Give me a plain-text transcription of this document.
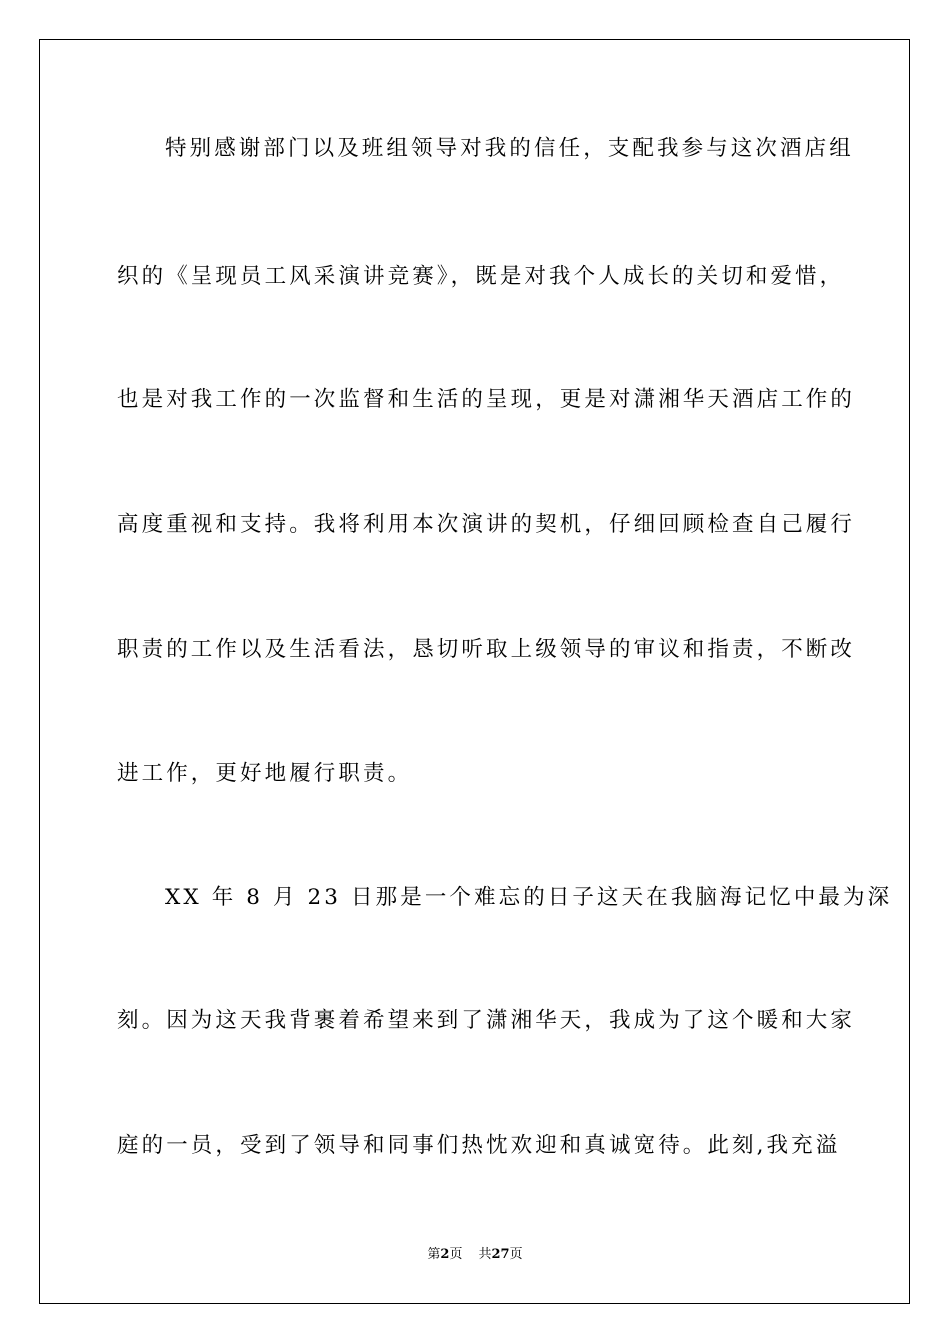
特别感谢部门以及班组领导对我的信任，支配我参与这次酒店组
织的《呈现员工风采演讲竞赛》，既是对我个人成长的关切和爱惜，
也是对我工作的一次监督和生活的呈现，更是对潇湘华天酒店工作的
高度重视和支持。我将利用本次演讲的契机，仔细回顾检查自己履行
职责的工作以及生活看法，恳切听取上级领导的审议和指责，不断改
进工作，更好地履行职责。
XX 年 8 月 23 日那是一个难忘的日子这天在我脑海记忆中最为深
刻。因为这天我背裹着希望来到了潇湘华天，我成为了这个暖和大家
庭的一员，受到了领导和同事们热忱欢迎和真诚宽待。此刻,我充溢
第2页 共27页
